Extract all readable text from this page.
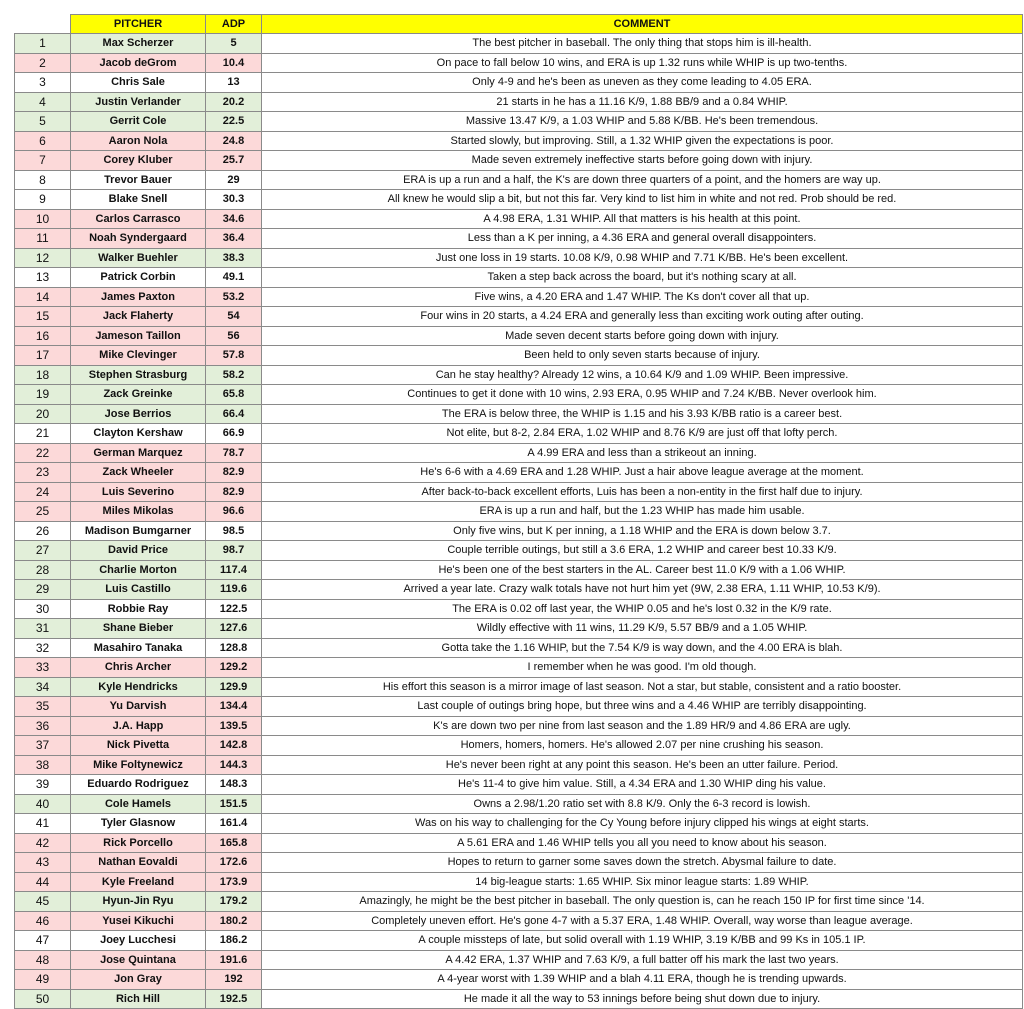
	PITCHER	ADP	COMMENT
1	Max Scherzer	5	The best pitcher in baseball. The only thing that stops him is ill-health.
2	Jacob deGrom	10.4	On pace to fall below 10 wins, and ERA is up 1.32 runs while WHIP is up two-tenths.
3	Chris Sale	13	Only 4-9 and he's been as uneven as they come leading to 4.05 ERA.
4	Justin Verlander	20.2	21 starts in he has a 11.16 K/9, 1.88 BB/9 and a 0.84 WHIP.
5	Gerrit Cole	22.5	Massive 13.47 K/9, a 1.03 WHIP and 5.88 K/BB. He's been tremendous.
6	Aaron Nola	24.8	Started slowly, but improving. Still, a 1.32 WHIP given the expectations is poor.
7	Corey Kluber	25.7	Made seven extremely ineffective starts before going down with injury.
8	Trevor Bauer	29	ERA is up a run and a half, the K's are down three quarters of a point, and the homers are way up.
9	Blake Snell	30.3	All knew he would slip a bit, but not this far. Very kind to list him in white and not red. Prob should be red.
10	Carlos Carrasco	34.6	A 4.98 ERA, 1.31 WHIP. All that matters is his health at this point.
11	Noah Syndergaard	36.4	Less than a K per inning, a 4.36 ERA and general overall disappointers.
12	Walker Buehler	38.3	Just one loss in 19 starts. 10.08 K/9, 0.98 WHIP and 7.71 K/BB. He's been excellent.
13	Patrick Corbin	49.1	Taken a step back across the board, but it's nothing scary at all.
14	James Paxton	53.2	Five wins, a 4.20 ERA and 1.47 WHIP. The Ks don't cover all that up.
15	Jack Flaherty	54	Four wins in 20 starts, a 4.24 ERA and generally less than exciting work outing after outing.
16	Jameson Taillon	56	Made seven decent starts before going down with injury.
17	Mike Clevinger	57.8	Been held to only seven starts because of injury.
18	Stephen Strasburg	58.2	Can he stay healthy? Already 12 wins, a 10.64 K/9 and 1.09 WHIP. Been impressive.
19	Zack Greinke	65.8	Continues to get it done with 10 wins, 2.93 ERA, 0.95 WHIP and 7.24 K/BB. Never overlook him.
20	Jose Berrios	66.4	The ERA is below three, the WHIP is 1.15 and his 3.93 K/BB ratio is a career best.
21	Clayton Kershaw	66.9	Not elite, but 8-2, 2.84 ERA, 1.02 WHIP and 8.76 K/9 are just off that lofty perch.
22	German Marquez	78.7	A 4.99 ERA and less than a strikeout an inning.
23	Zack Wheeler	82.9	He's 6-6 with a 4.69 ERA and 1.28 WHIP. Just a hair above league average at the moment.
24	Luis Severino	82.9	After back-to-back excellent efforts, Luis has been a non-entity in the first half due to injury.
25	Miles Mikolas	96.6	ERA is up a run and half, but the 1.23 WHIP has made him usable.
26	Madison Bumgarner	98.5	Only five wins, but K per inning, a 1.18 WHIP and the ERA is down below 3.7.
27	David Price	98.7	Couple terrible outings, but still a 3.6 ERA, 1.2 WHIP and career best 10.33 K/9.
28	Charlie Morton	117.4	He's been one of the best starters in the AL. Career best 11.0 K/9 with a 1.06 WHIP.
29	Luis Castillo	119.6	Arrived a year late. Crazy walk totals have not hurt him yet (9W, 2.38 ERA, 1.11 WHIP, 10.53 K/9).
30	Robbie Ray	122.5	The ERA is 0.02 off last year, the WHIP 0.05 and he's lost 0.32 in the K/9 rate.
31	Shane Bieber	127.6	Wildly effective with 11 wins, 11.29 K/9, 5.57 BB/9 and a 1.05 WHIP.
32	Masahiro Tanaka	128.8	Gotta take the 1.16 WHIP, but the 7.54 K/9 is way down, and the 4.00 ERA is blah.
33	Chris Archer	129.2	I remember when he was good. I'm old though.
34	Kyle Hendricks	129.9	His effort this season is a mirror image of last season. Not a star, but stable, consistent and a ratio booster.
35	Yu Darvish	134.4	Last couple of outings bring hope, but three wins and a 4.46 WHIP are terribly disappointing.
36	J.A. Happ	139.5	K's are down two per nine from last season and the 1.89 HR/9 and 4.86 ERA are ugly.
37	Nick Pivetta	142.8	Homers, homers, homers. He's allowed 2.07 per nine crushing his season.
38	Mike Foltynewicz	144.3	He's never been right at any point this season. He's been an utter failure. Period.
39	Eduardo Rodriguez	148.3	He's 11-4 to give him value. Still, a 4.34 ERA and 1.30 WHIP ding his value.
40	Cole Hamels	151.5	Owns a 2.98/1.20 ratio set with 8.8 K/9. Only the 6-3 record is lowish.
41	Tyler Glasnow	161.4	Was on his way to challenging for the Cy Young before injury clipped his wings at eight starts.
42	Rick Porcello	165.8	A 5.61 ERA and 1.46 WHIP tells you all you need to know about his season.
43	Nathan Eovaldi	172.6	Hopes to return to garner some saves down the stretch. Abysmal failure to date.
44	Kyle Freeland	173.9	14 big-league starts: 1.65 WHIP. Six minor league starts: 1.89 WHIP.
45	Hyun-Jin Ryu	179.2	Amazingly, he might be the best pitcher in baseball. The only question is, can he reach 150 IP for first time since '14.
46	Yusei Kikuchi	180.2	Completely uneven effort. He's gone 4-7 with a 5.37 ERA, 1.48 WHIP. Overall, way worse than league average.
47	Joey Lucchesi	186.2	A couple missteps of late, but solid overall with 1.19 WHIP, 3.19 K/BB and 99 Ks in 105.1 IP.
48	Jose Quintana	191.6	A 4.42 ERA, 1.37 WHIP and 7.63 K/9, a full batter off his mark the last two years.
49	Jon Gray	192	A 4-year worst with 1.39 WHIP and a blah 4.11 ERA, though he is trending upwards.
50	Rich Hill	192.5	He made it all the way to 53 innings before being shut down due to injury.
